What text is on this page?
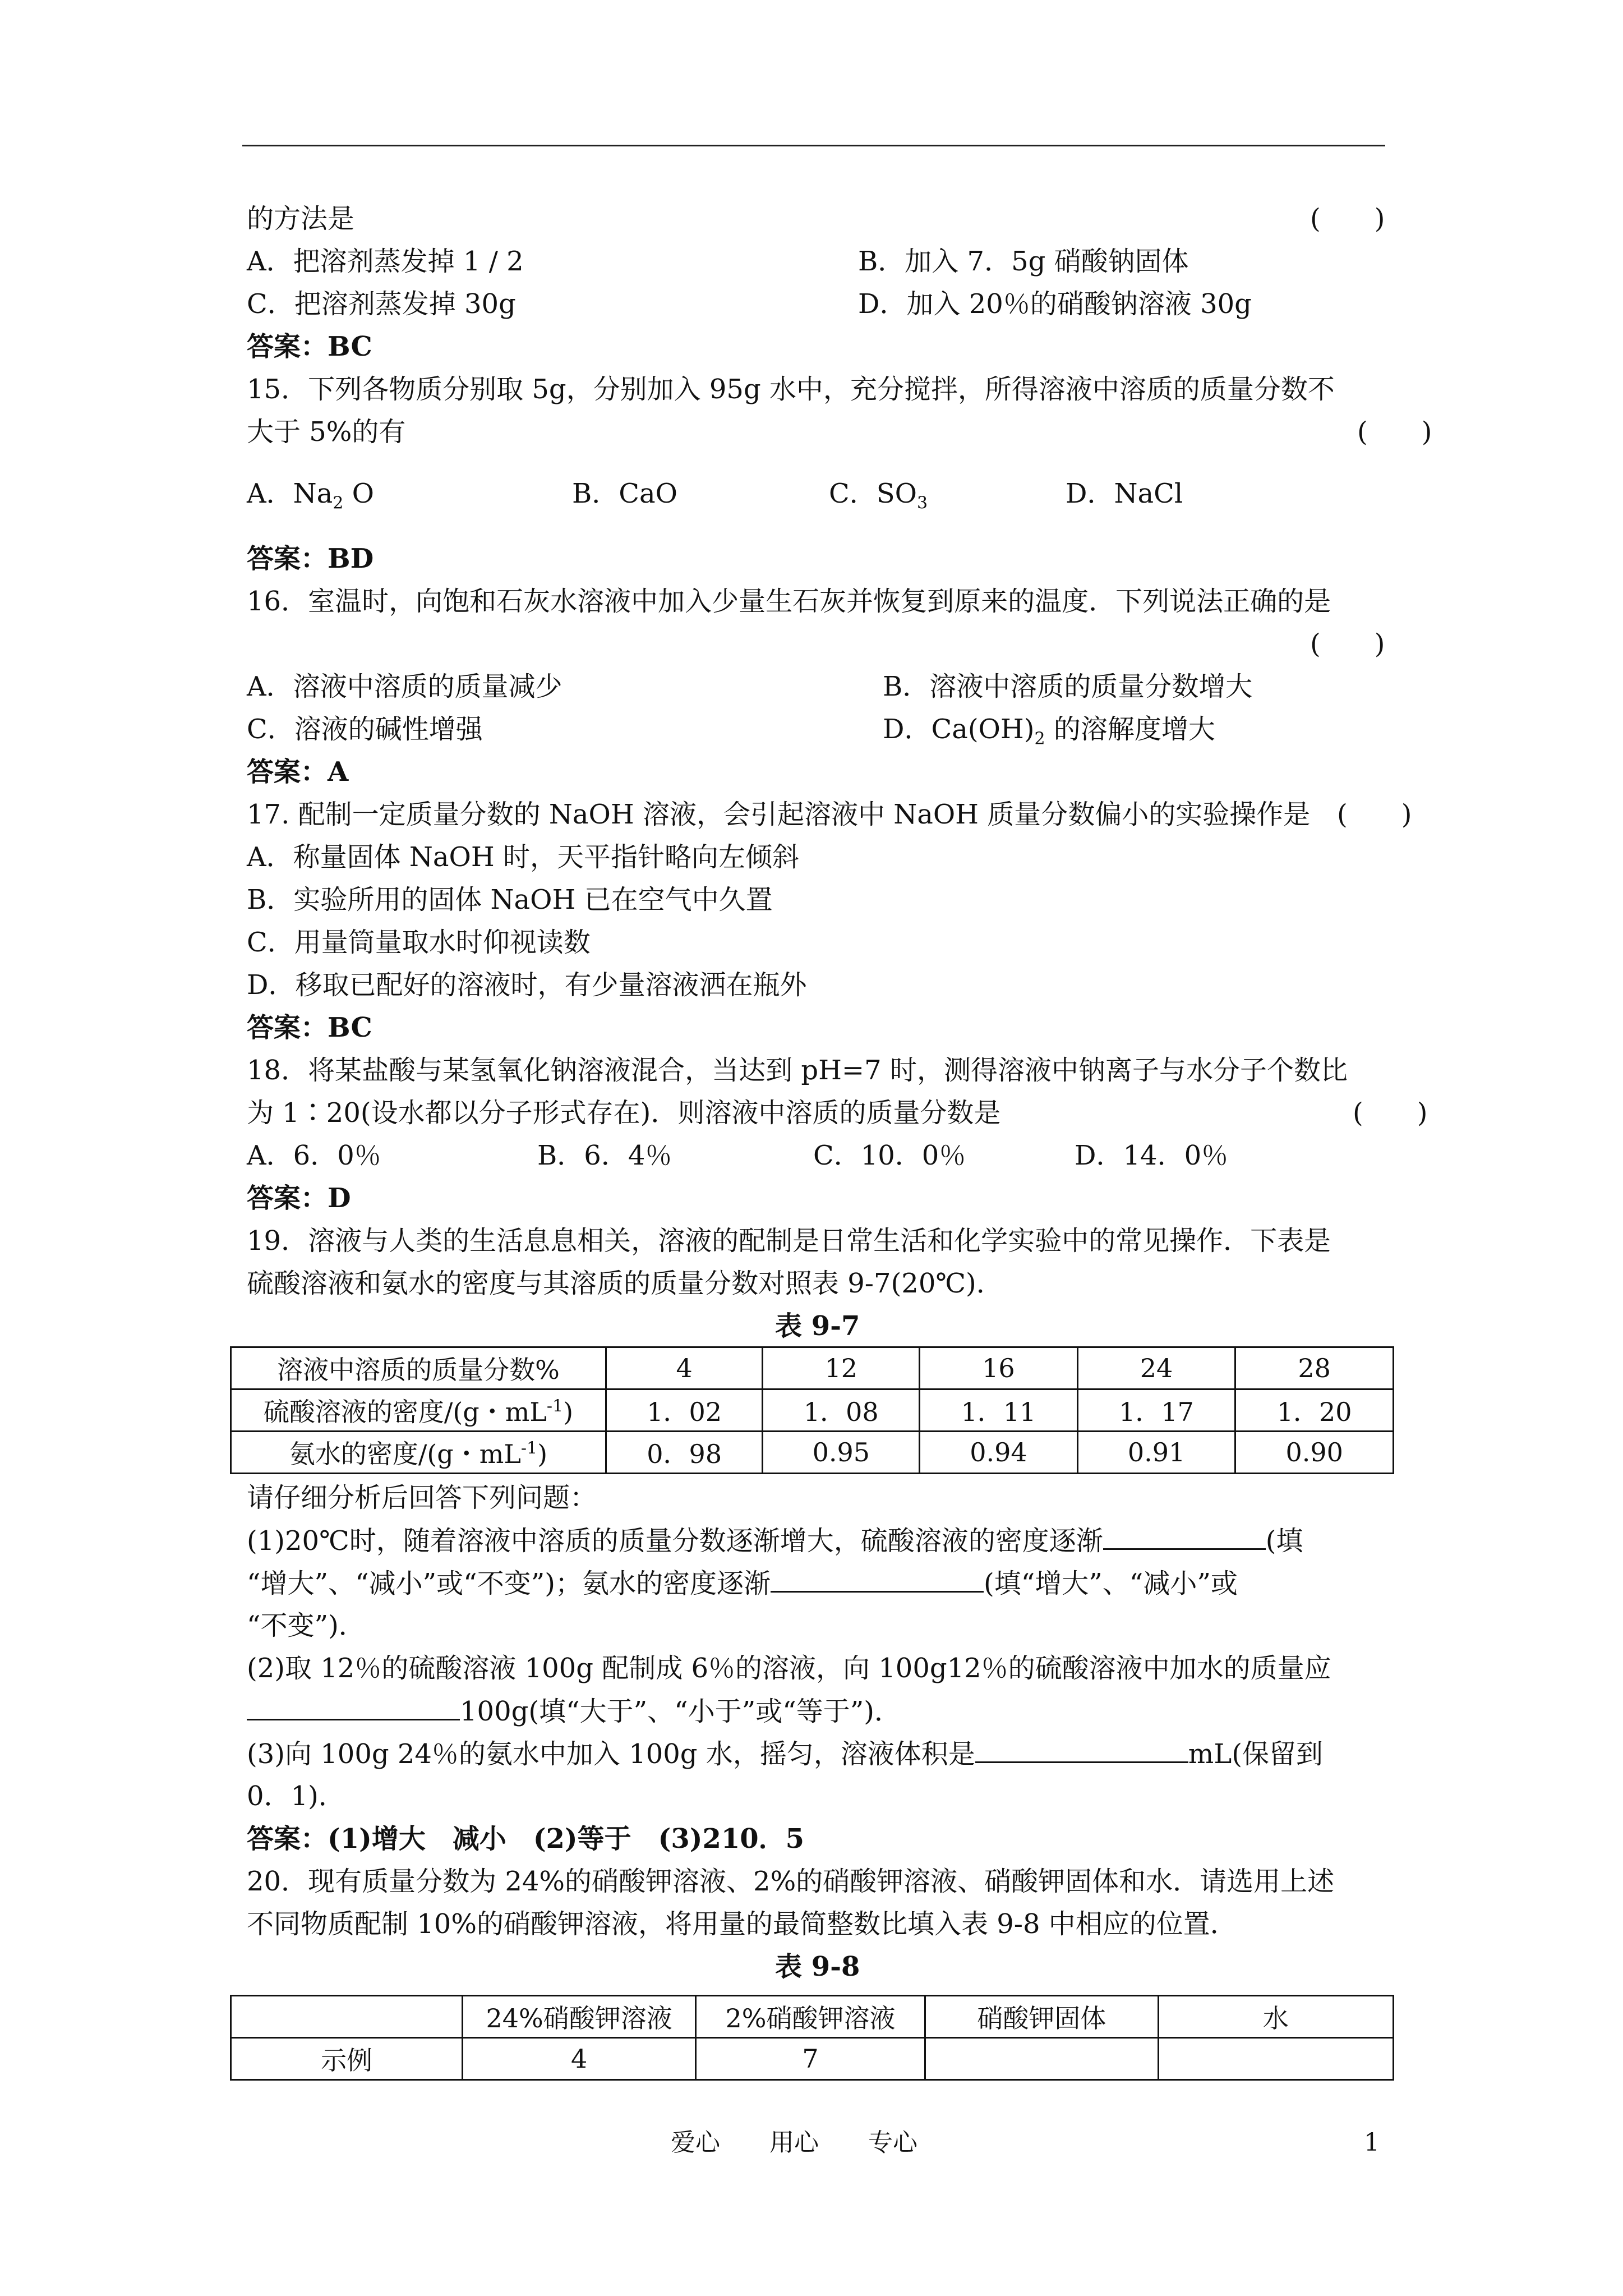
的方法是	(　　)
A．把溶剂蒸发掉 1 / 2	B．加入 7．5g 硝酸钠固体
C．把溶剂蒸发掉 30g	D．加入 20％的硝酸钠溶液 30g
答案：BC
15．下列各物质分别取 5g，分别加入 95g 水中，充分搅拌，所得溶液中溶质的质量分数不
大于 5%的有	(　　)
A．$Na_2$ O	B．CaO	C．$SO_3$	D．NaCl
答案：BD
16．室温时，向饱和石灰水溶液中加入少量生石灰并恢复到原来的温度．下列说法正确的是
(　　)
A．溶液中溶质的质量减少	B．溶液中溶质的质量分数增大
C．溶液的碱性增强	D．$Ca(OH)_2$ 的溶解度增大
答案：A
17. 配制一定质量分数的 NaOH 溶液，会引起溶液中 NaOH 质量分数偏小的实验操作是 (　　)
A．称量固体 NaOH 时，天平指针略向左倾斜
B．实验所用的固体 NaOH 已在空气中久置
C．用量筒量取水时仰视读数
D．移取已配好的溶液时，有少量溶液洒在瓶外
答案：BC
18．将某盐酸与某氢氧化钠溶液混合，当达到 pH=7 时，测得溶液中钠离子与水分子个数比
为 1∶20(设水都以分子形式存在)．则溶液中溶质的质量分数是	(　　)
A．6．0％	B．6．4％	C．10．0％	D．14．0％
答案：D
19．溶液与人类的生活息息相关，溶液的配制是日常生活和化学实验中的常见操作．下表是
硫酸溶液和氨水的密度与其溶质的质量分数对照表 9-7(20℃)．
表 9-7
溶液中溶质的质量分数%	4	12	16	24	28
硫酸溶液的密度/(g・$mL^{-1}$)	1．02	1．08	1．11	1．17	1．20
氨水的密度/(g・$mL^{-1}$)	0．98	0.95	0.94	0.91	0.90
请仔细分析后回答下列问题：
(1)20℃时，随着溶液中溶质的质量分数逐渐增大，硫酸溶液的密度逐渐	(填
“增大”、“减小”或“不变”)；氨水的密度逐渐	(填“增大”、“减小”或
“不变”)．
(2)取 12％的硫酸溶液 100g 配制成 6％的溶液，向 100g12％的硫酸溶液中加水的质量应
100g(填“大于”、“小于”或“等于”)．
(3)向 100g 24％的氨水中加入 100g 水，摇匀，溶液体积是	mL(保留到
0．1)．
答案：(1)增大　减小　(2)等于　(3)210．5
20．现有质量分数为 24%的硝酸钾溶液、2%的硝酸钾溶液、硝酸钾固体和水．请选用上述
不同物质配制 10%的硝酸钾溶液，将用量的最简整数比填入表 9-8 中相应的位置．
表 9-8
	24%硝酸钾溶液	2%硝酸钾溶液	硝酸钾固体	水
示例	4	7		
爱心　　用心　　专心	1
